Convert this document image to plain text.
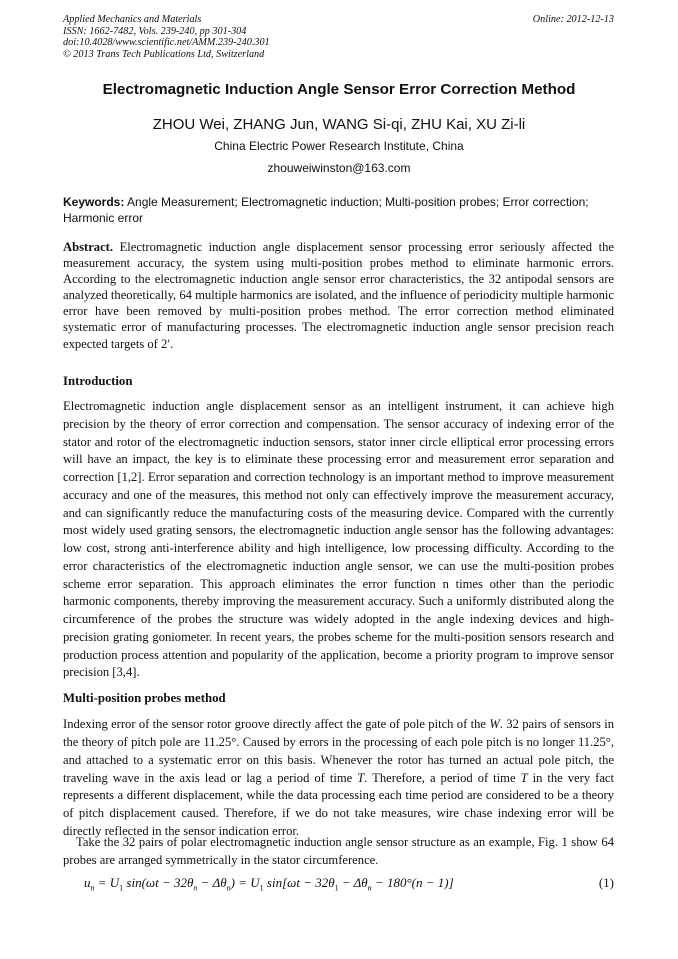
Applied Mechanics and Materials
ISSN: 1662-7482, Vols. 239-240, pp 301-304
doi:10.4028/www.scientific.net/AMM.239-240.301
© 2013 Trans Tech Publications Ltd, Switzerland
Online: 2012-12-13
Electromagnetic Induction Angle Sensor Error Correction Method
ZHOU Wei, ZHANG Jun, WANG Si-qi, ZHU Kai, XU Zi-li
China Electric Power Research Institute, China
zhouweiwinston@163.com
Keywords: Angle Measurement; Electromagnetic induction; Multi-position probes; Error correction; Harmonic error
Abstract. Electromagnetic induction angle displacement sensor processing error seriously affected the measurement accuracy, the system using multi-position probes method to eliminate harmonic errors. According to the electromagnetic induction angle sensor error characteristics, the 32 antipodal sensors are analyzed theoretically, 64 multiple harmonics are isolated, and the influence of periodicity multiple harmonic error have been removed by multi-position probes method. The error correction method eliminated systematic error of manufacturing processes. The electromagnetic induction angle sensor precision reach expected targets of 2′.
Introduction
Electromagnetic induction angle displacement sensor as an intelligent instrument, it can achieve high precision by the theory of error correction and compensation. The sensor accuracy of indexing error of the stator and rotor of the electromagnetic induction sensors, stator inner circle elliptical error processing errors will have an impact, the key is to eliminate these processing error and measurement error separation and correction [1,2]. Error separation and correction technology is an important method to improve measurement accuracy and one of the measures, this method not only can effectively improve the measurement accuracy, and can significantly reduce the manufacturing costs of the measuring device. Compared with the currently most widely used grating sensors, the electromagnetic induction angle sensor has the following advantages: low cost, strong anti-interference ability and high intelligence, low processing difficulty. According to the error characteristics of the electromagnetic induction angle sensor, we can use the multi-position probes scheme error separation. This approach eliminates the error function n times other than the periodic harmonic components, thereby improving the measurement accuracy. Such a uniformly distributed along the circumference of the probes the structure was widely adopted in the angle indexing devices and high-precision grating goniometer. In recent years, the probes scheme for the multi-position sensors research and production process attention and popularity of the application, become a priority program to improve sensor precision [3,4].
Multi-position probes method
Indexing error of the sensor rotor groove directly affect the gate of pole pitch of the W. 32 pairs of sensors in the theory of pitch pole are 11.25°. Caused by errors in the processing of each pole pitch is no longer 11.25°, and attached to a systematic error on this basis. Whenever the rotor has turned an actual pole pitch, the traveling wave in the axis lead or lag a period of time T. Therefore, a period of time T in the very fact represents a different displacement, while the data processing each time period are considered to be a theory of pitch displacement caused. Therefore, if we do not take measures, wire chase indexing error will be directly reflected in the sensor indication error.
Take the 32 pairs of polar electromagnetic induction angle sensor structure as an example, Fig. 1 show 64 probes are arranged symmetrically in the stator circumference.
$u_n = U_1$ $\sin(\omega t - 32\theta_n - \Delta\theta_n) = U_1$ $\sin[\omega t - 32\theta_1 - \Delta\theta_n - 180^\circ(n - 1)]$	(1)
